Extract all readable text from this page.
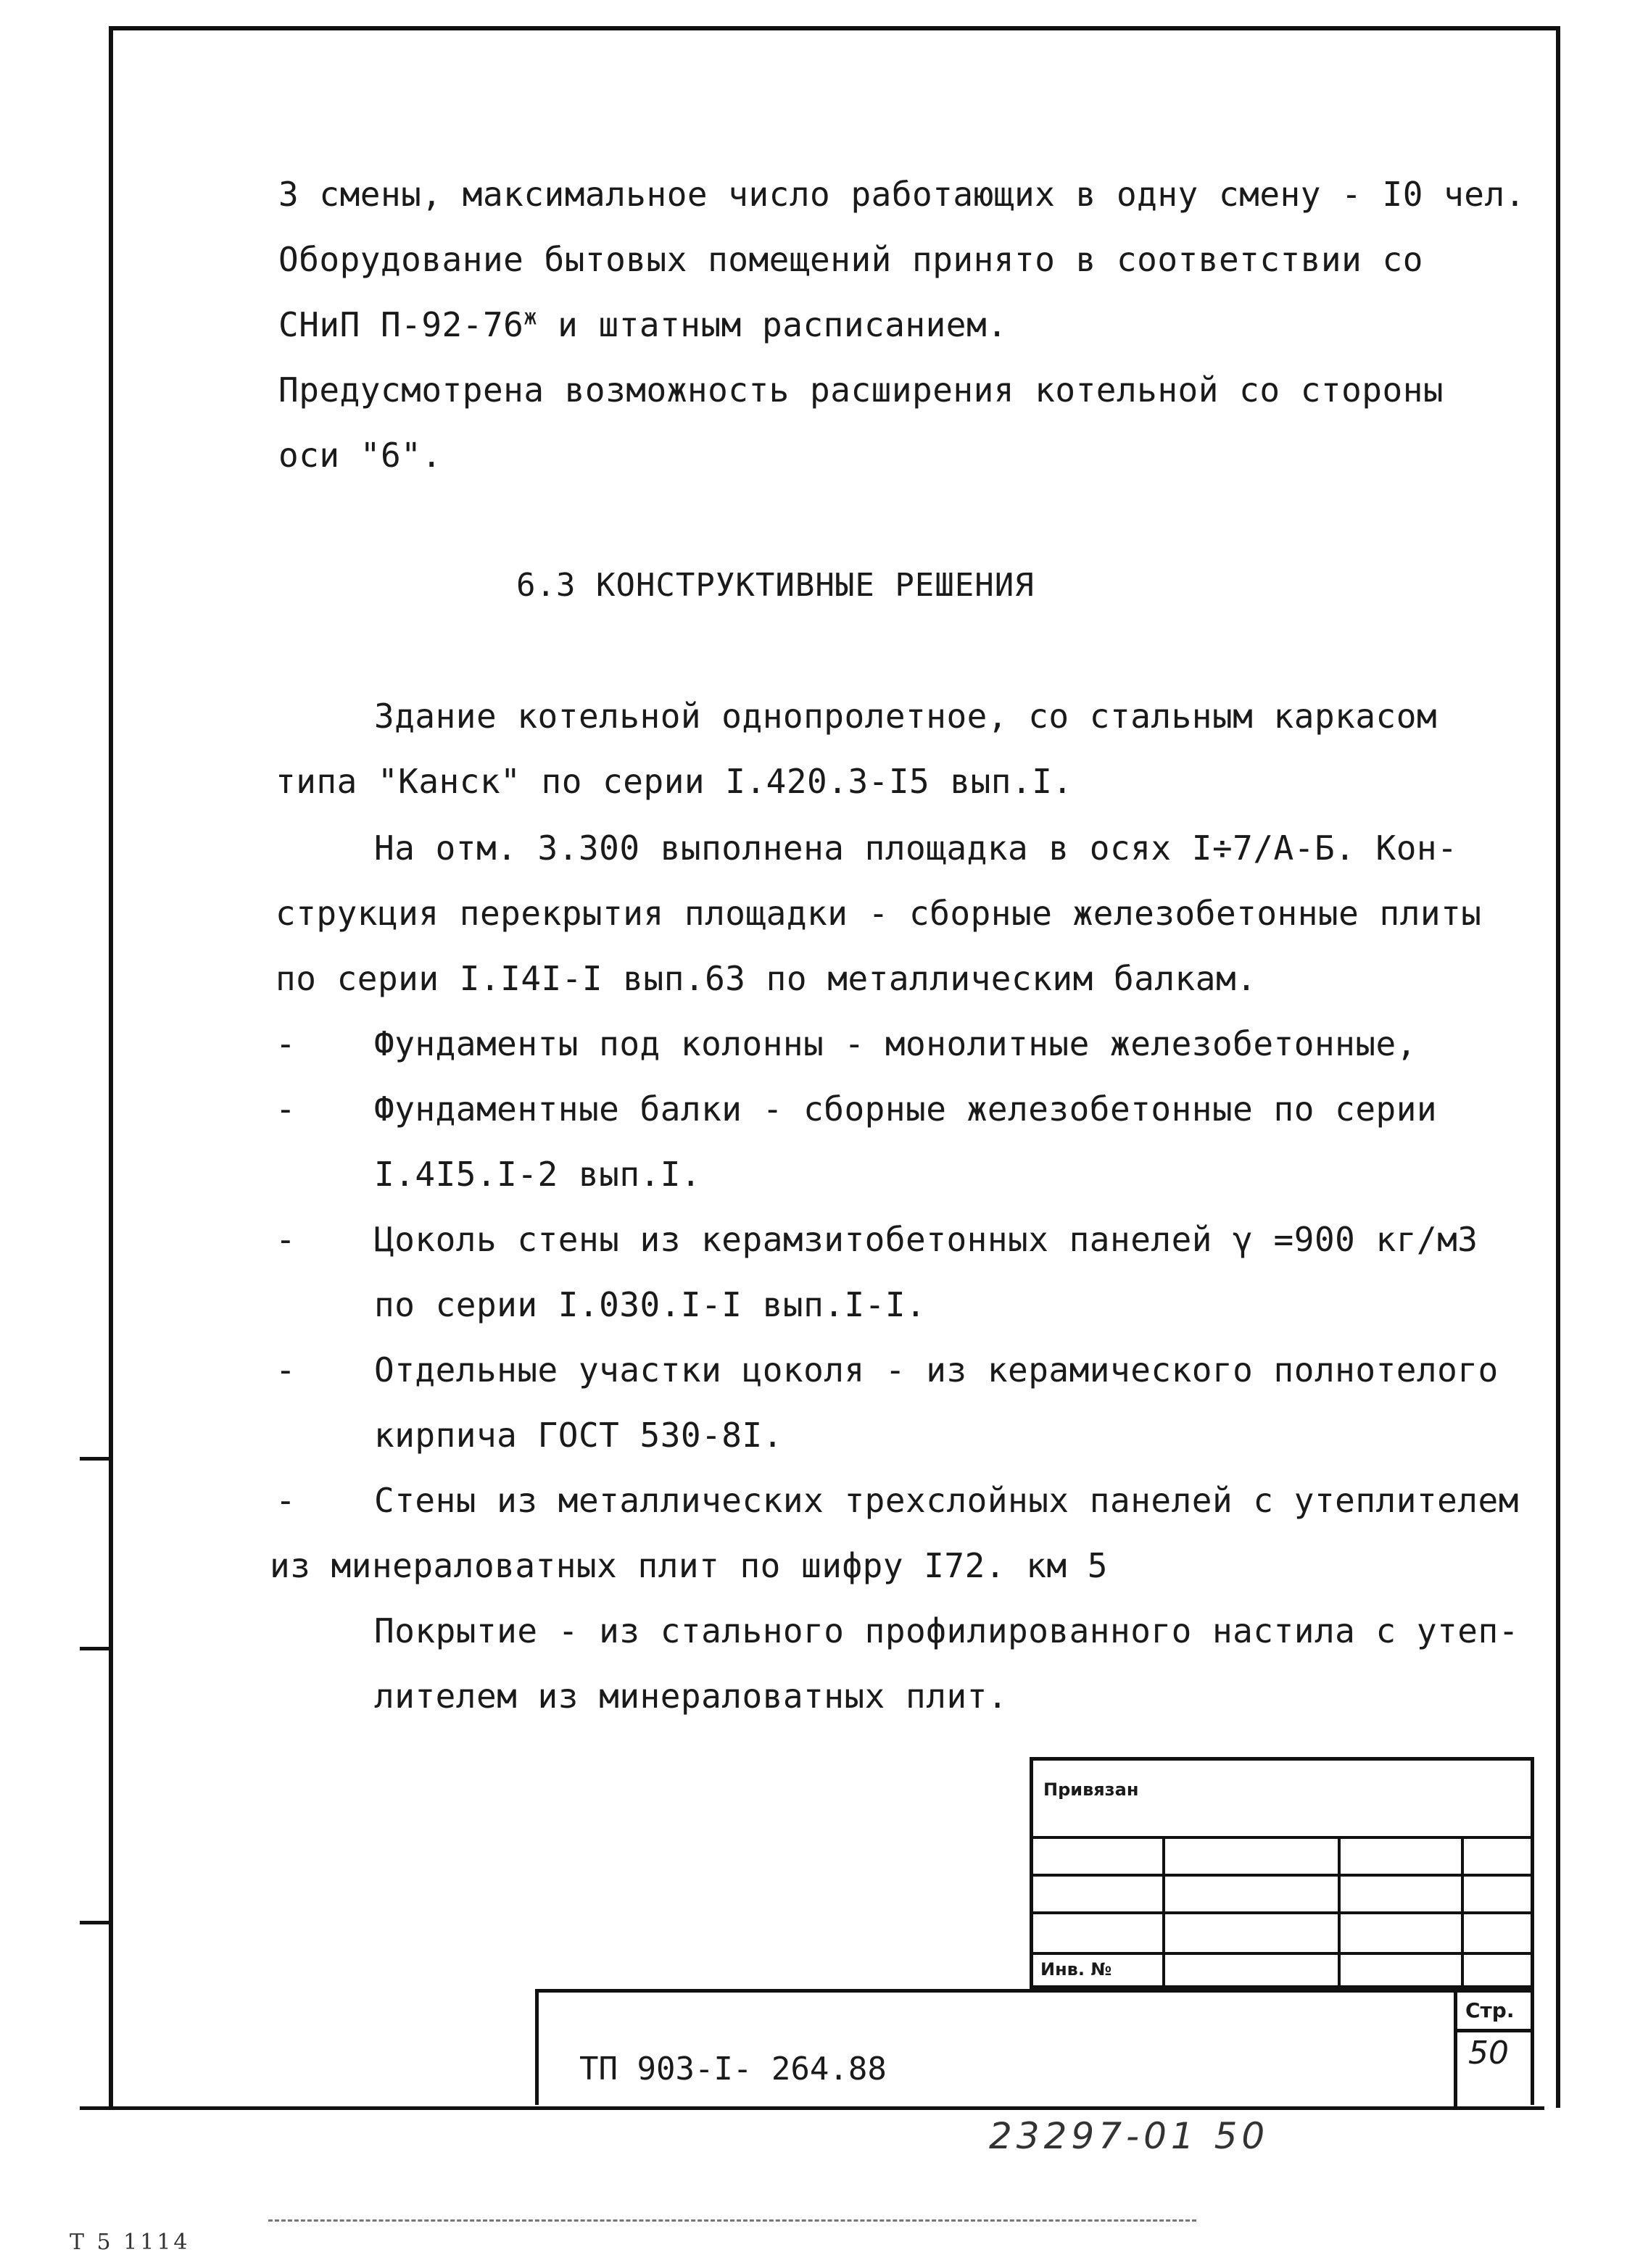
3 смены, максимальное число работающих в одну смену - I0 чел.
Оборудование бытовых помещений принято в соответствии со
СНиП $П-92-76^ж$ и штатным расписанием.
Предусмотрена возможность расширения котельной со стороны
оси "6".
6.3 КОНСТРУКТИВНЫЕ РЕШЕНИЯ
Здание котельной однопролетное, со стальным каркасом
типа "Канск" по серии I.420.3-I5 вып.I.
На отм. 3.300 выполнена площадка в осях I÷7/А-Б. Кон-
струкция перекрытия площадки - сборные железобетонные плиты
по серии I.I4I-I вып.63 по металлическим балкам.
- Фундаменты под колонны - монолитные железобетонные,
- Фундаментные балки - сборные железобетонные по серии
I.4I5.I-2 вып.I.
- Цоколь стены из керамзитобетонных панелей γ =900 кг/м3
по серии I.030.I-I вып.I-I.
- Отдельные участки цоколя - из керамического полнотелого
кирпича ГОСТ 530-8I.
- Стены из металлических трехслойных панелей с утеплителем
из минераловатных плит по шифру I72. км 5
Покрытие - из стального профилированного настила с утеп-
лителем из минераловатных плит.
Привязан
Инв. №
ТП 903-I- 264.88
Стр.
50
23297-01 50
Т 5 1114
